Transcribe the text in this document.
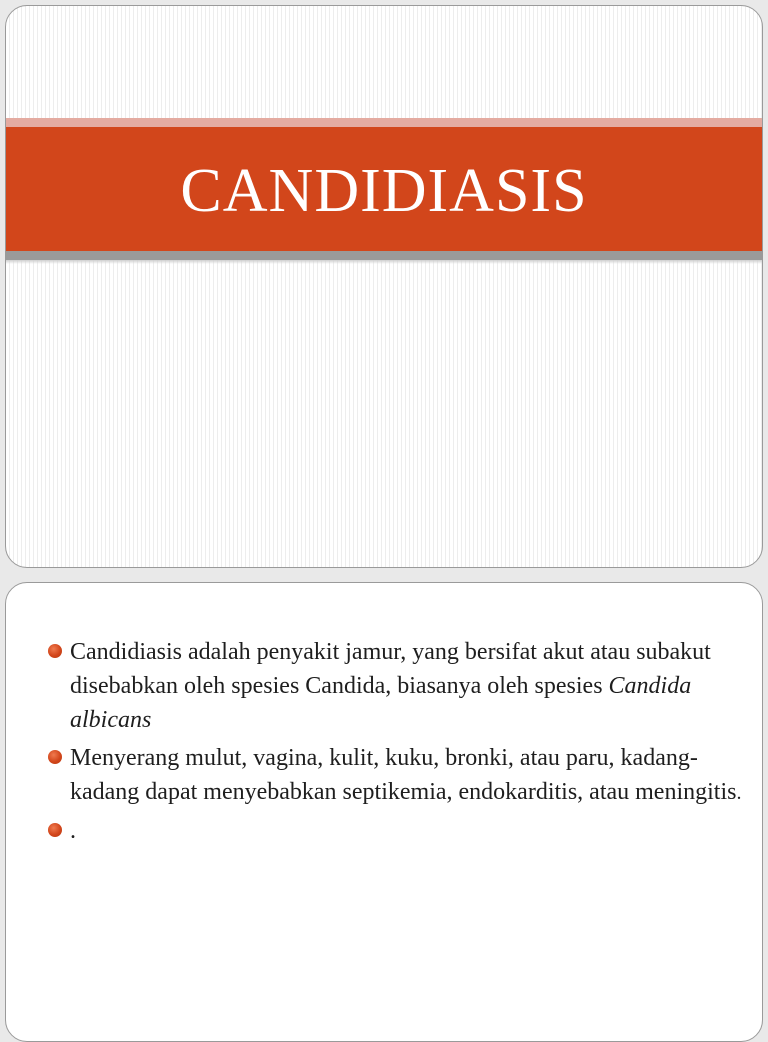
CANDIDIASIS
Candidiasis adalah penyakit jamur, yang bersifat akut atau subakut disebabkan oleh spesies Candida, biasanya oleh spesies Candida albicans
Menyerang mulut, vagina, kulit, kuku, bronki, atau paru, kadang-kadang dapat menyebabkan septikemia, endokarditis, atau meningitis.
.
